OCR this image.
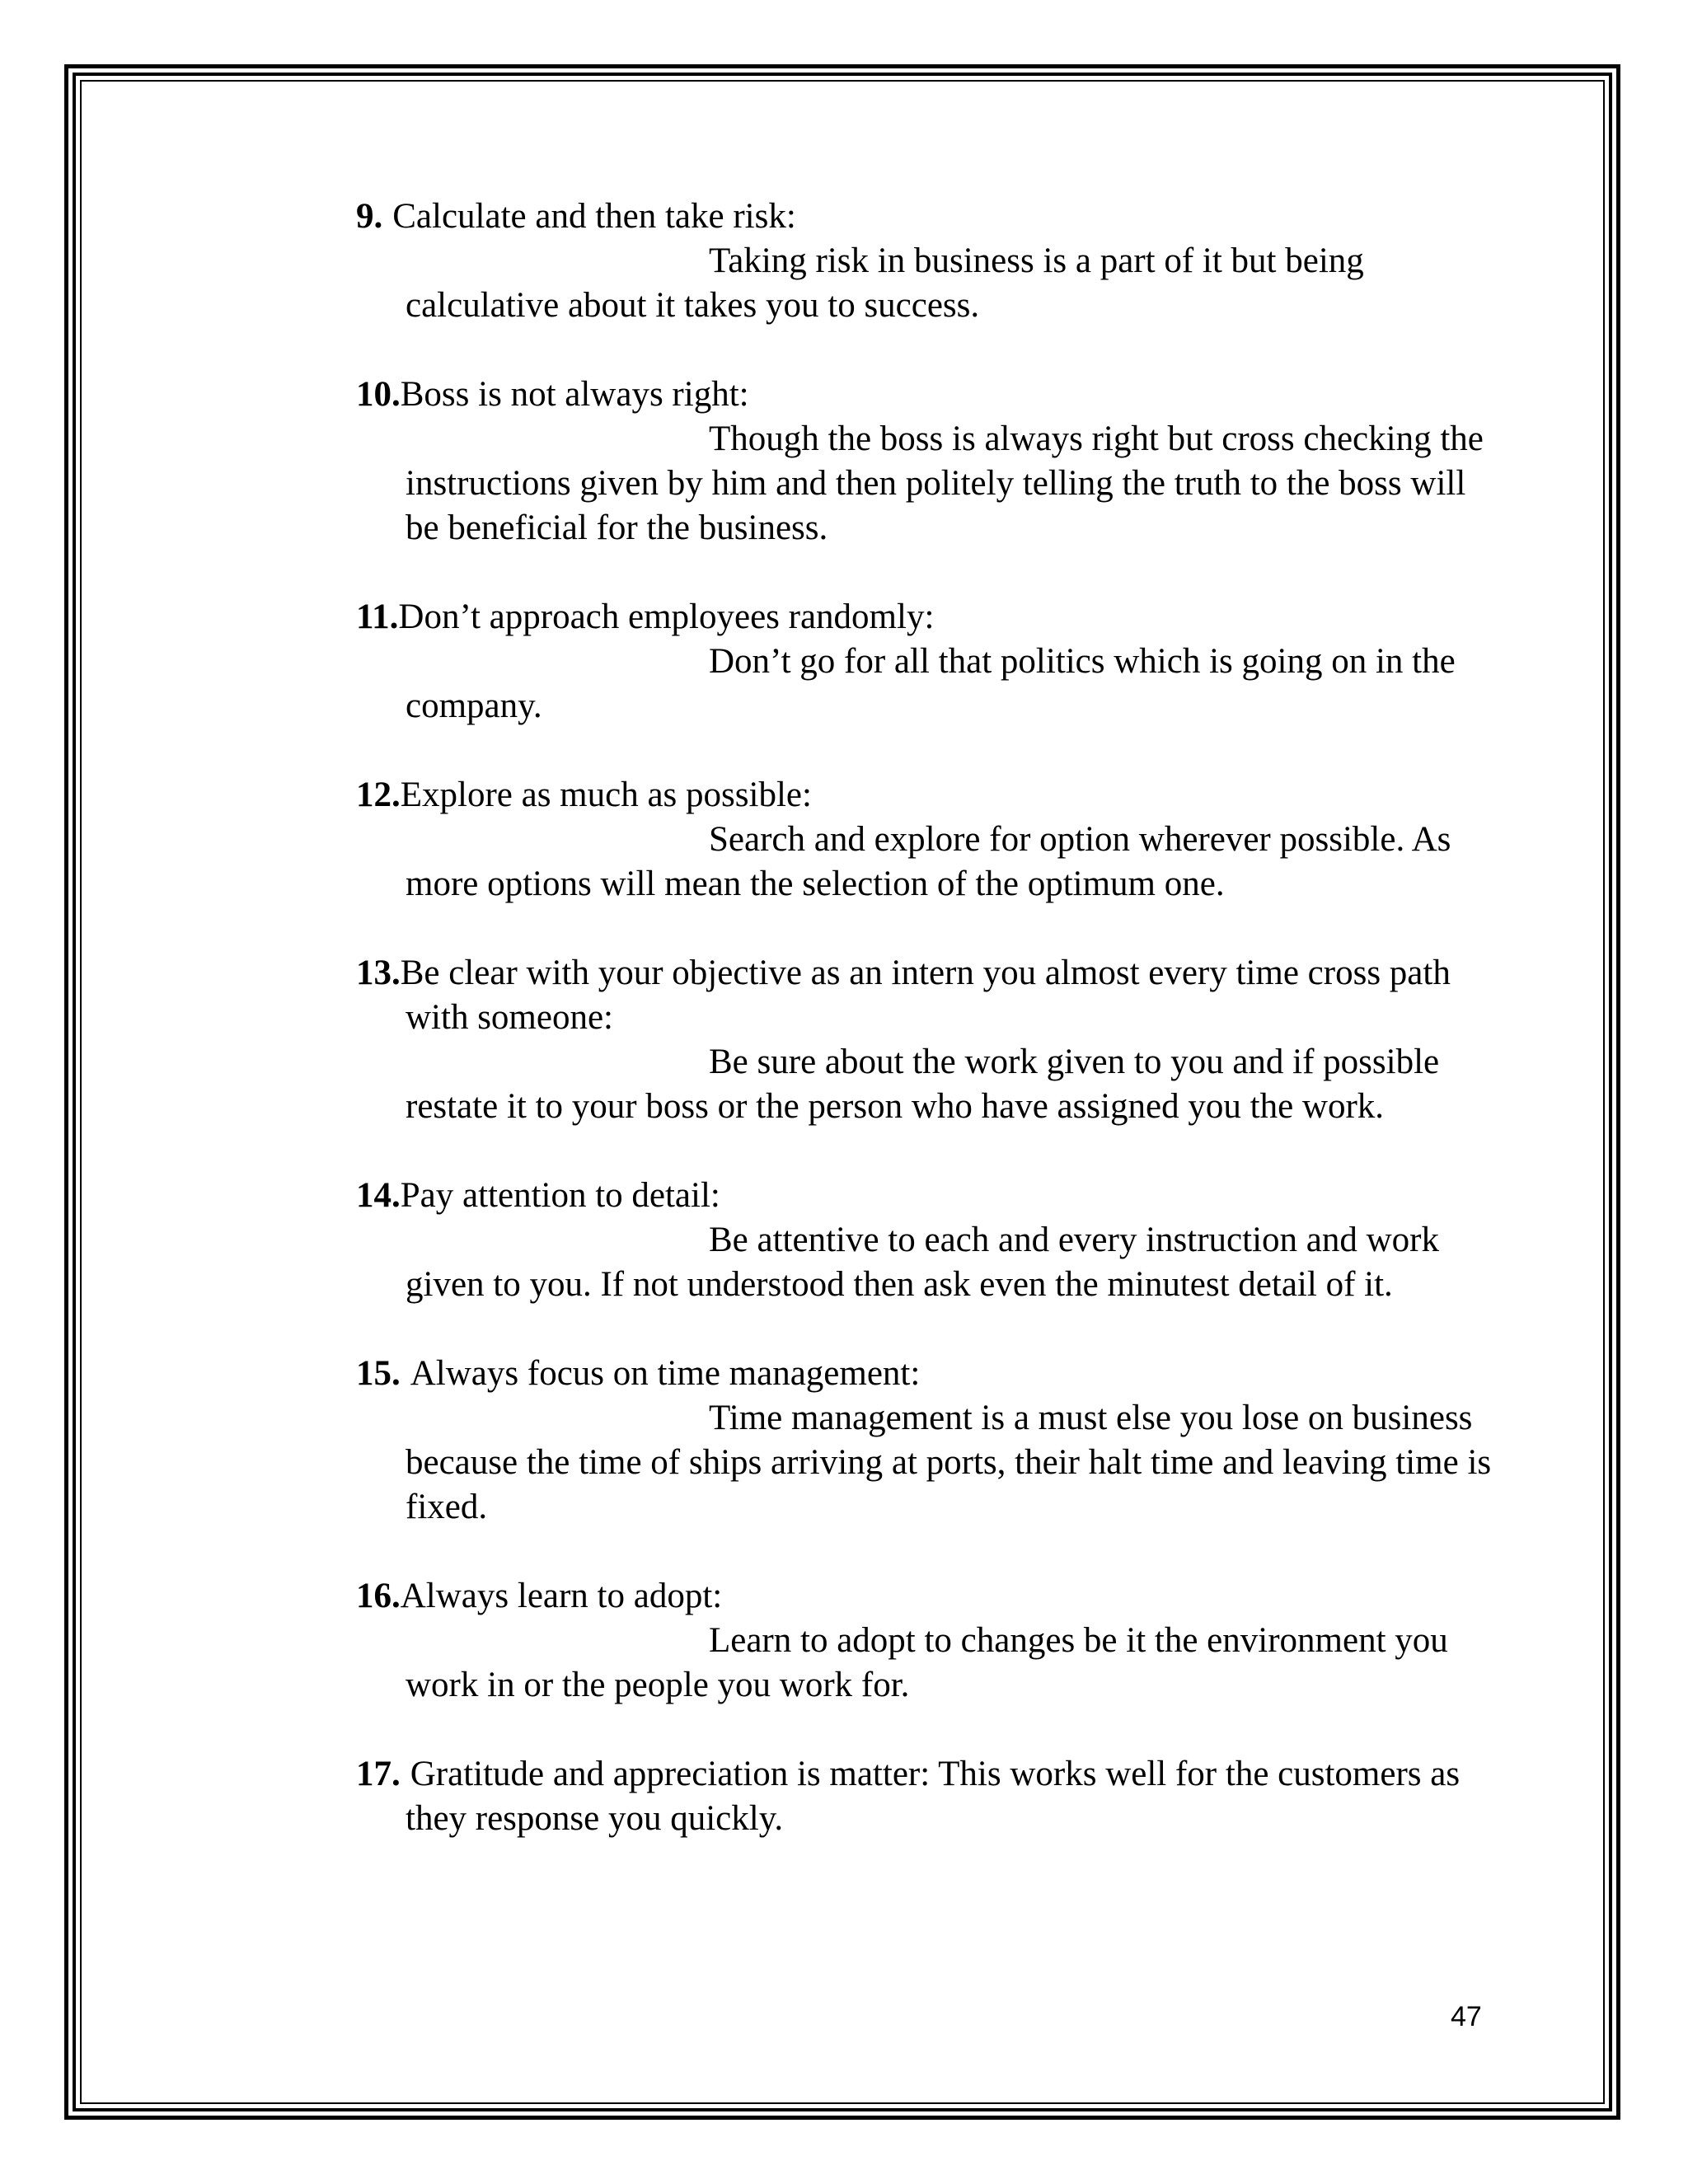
9. Calculate and then take risk:
Taking risk in business is a part of it but being calculative about it takes you to success.
10.Boss is not always right:
Though the boss is always right but cross checking the instructions given by him and then politely telling the truth to the boss will be beneficial for the business.
11.Don’t approach employees randomly:
Don’t go for all that politics which is going on in the company.
12.Explore as much as possible:
Search and explore for option wherever possible. As more options will mean the selection of the optimum one.
13.Be clear with your objective as an intern you almost every time cross path with someone:
Be sure about the work given to you and if possible restate it to your boss or the person who have assigned you the work.
14.Pay attention to detail:
Be attentive to each and every instruction and work given to you. If not understood then ask even the minutest detail of it.
15. Always focus on time management:
Time management is a must else you lose on business because the time of ships arriving at ports, their halt time and leaving time is fixed.
16.Always learn to adopt:
Learn to adopt to changes be it the environment you work in or the people you work for.
17. Gratitude and appreciation is matter: This works well for the customers as they response you quickly.
47
